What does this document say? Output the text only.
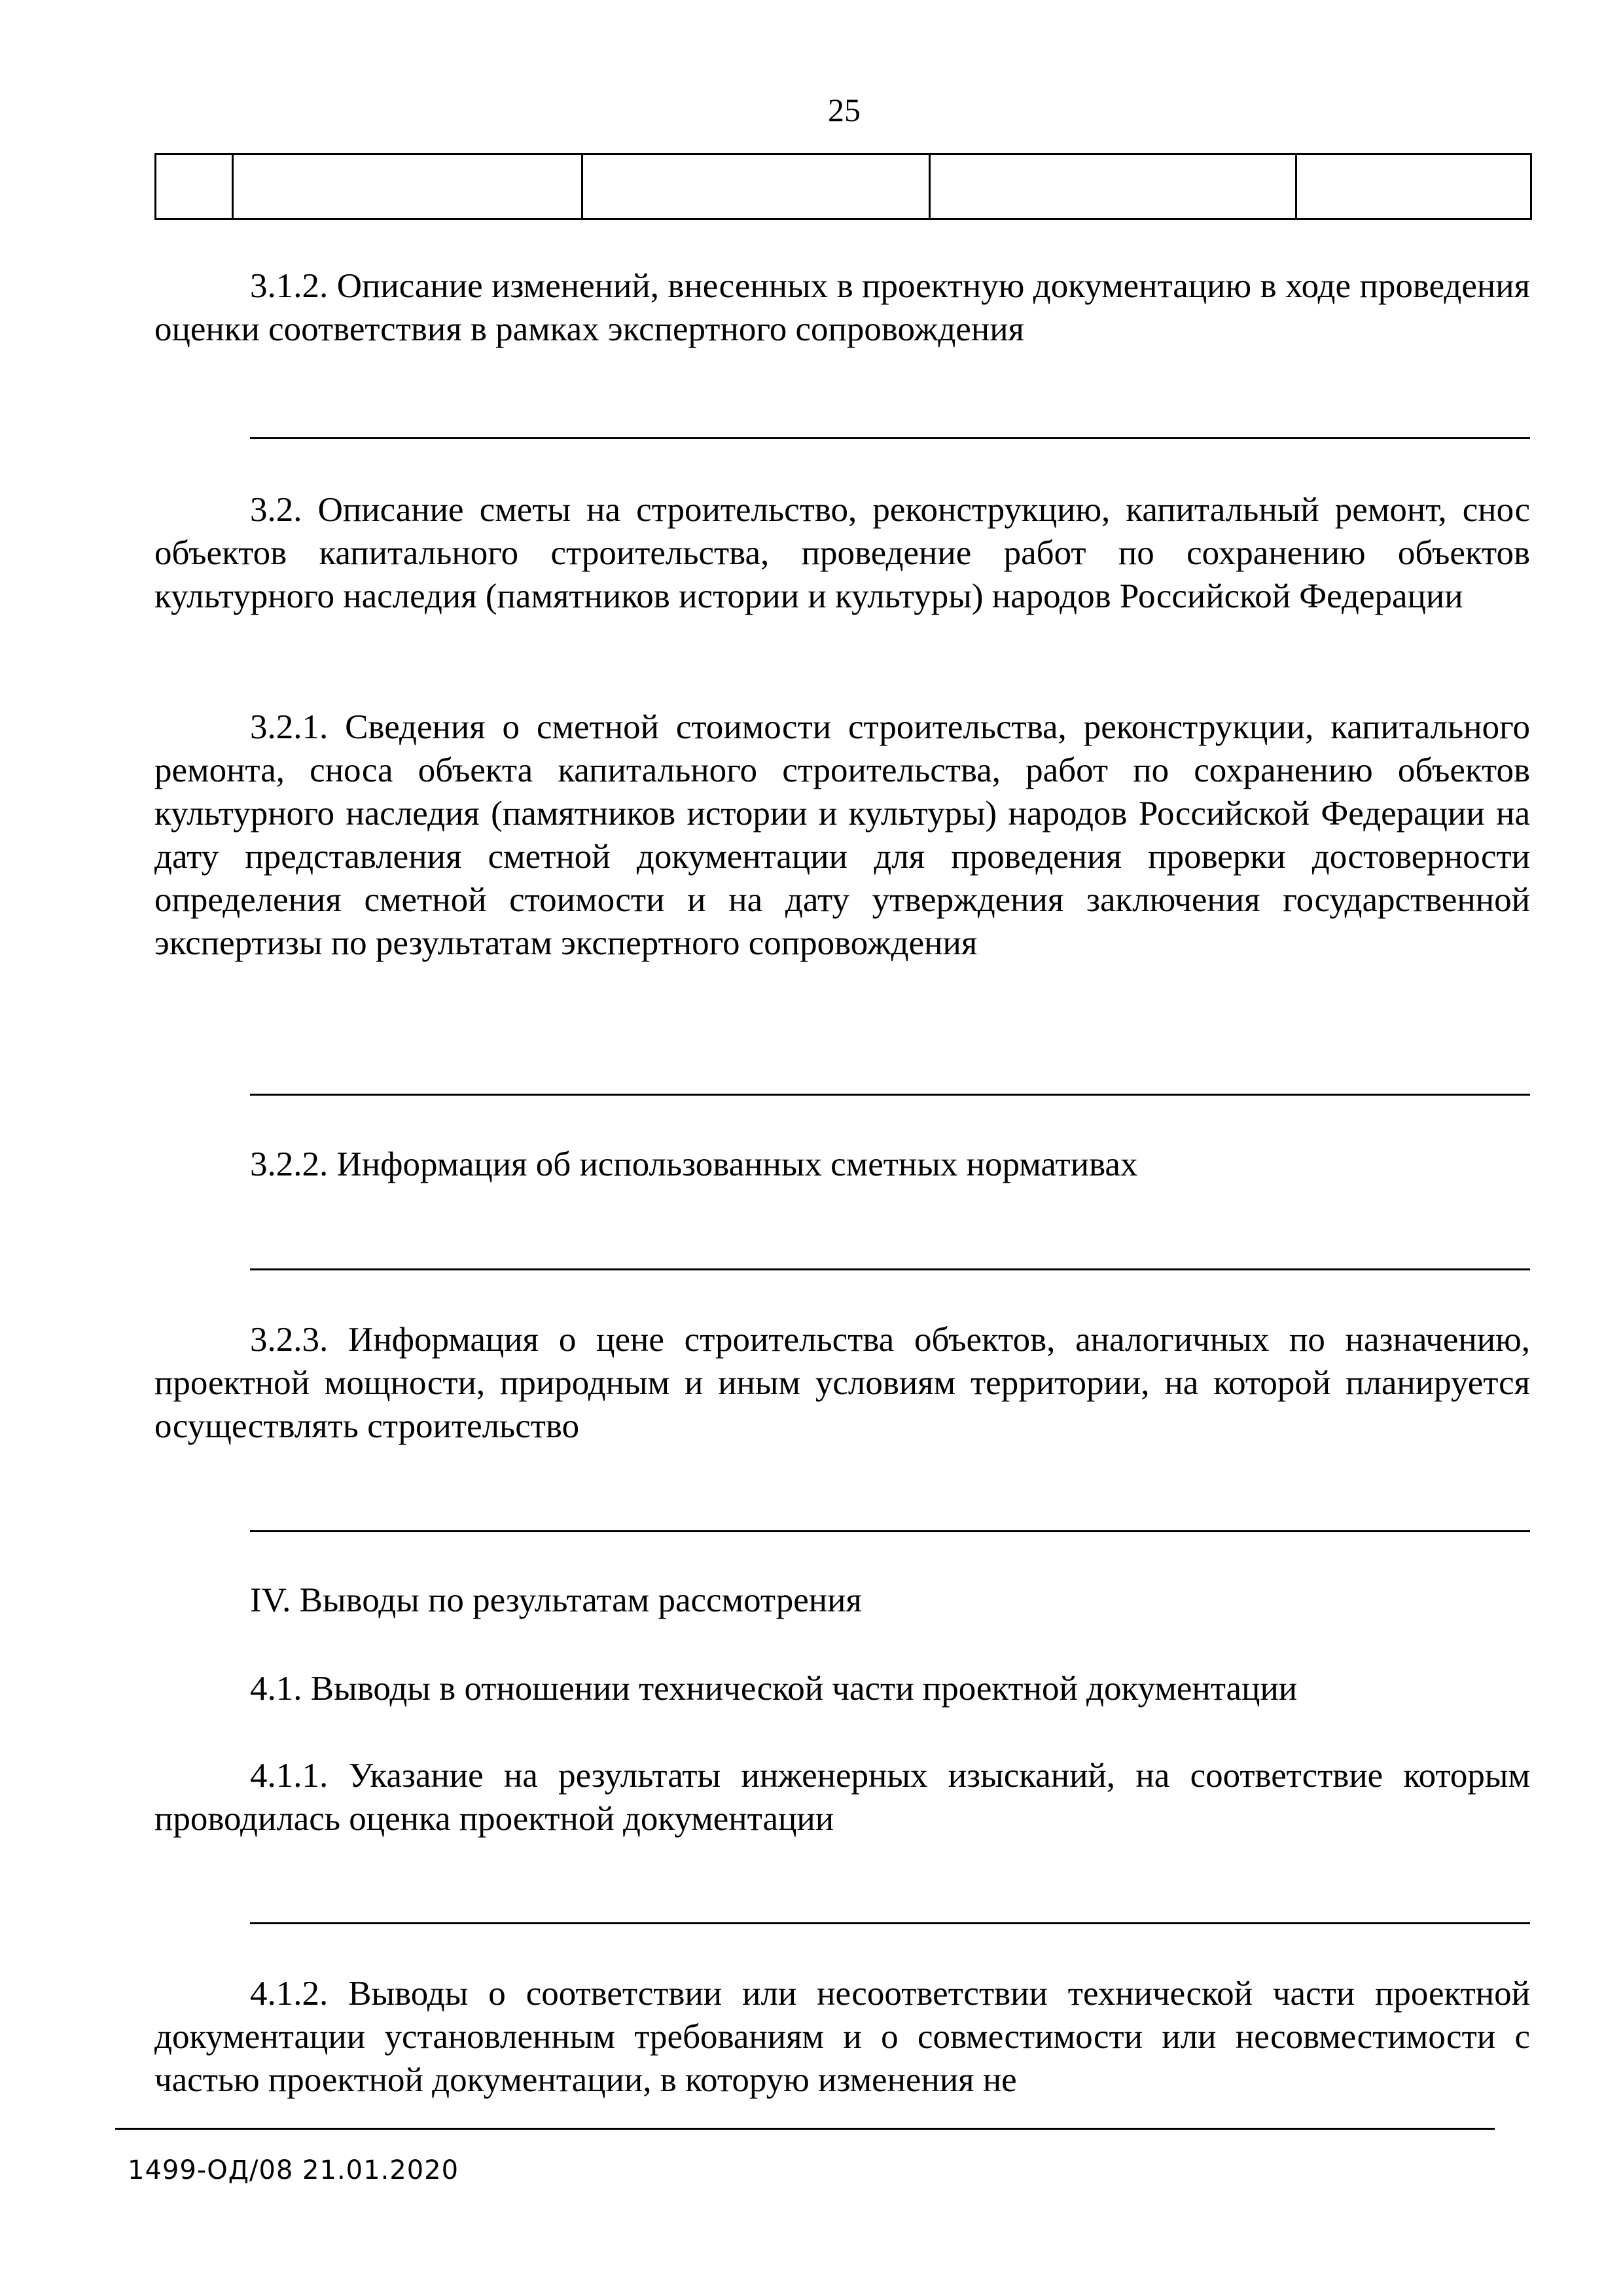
25

3.1.2. Описание изменений, внесенных в проектную документацию в ходе проведения оценки соответствия в рамках экспертного сопровождения

3.2. Описание сметы на строительство, реконструкцию, капитальный ремонт, снос объектов капитального строительства, проведение работ по сохранению объектов культурного наследия (памятников истории и культуры) народов Российской Федерации

3.2.1. Сведения о сметной стоимости строительства, реконструкции, капитального ремонта, сноса объекта капитального строительства, работ по сохранению объектов культурного наследия (памятников истории и культуры) народов Российской Федерации на дату представления сметной документации для проведения проверки достоверности определения сметной стоимости и на дату утверждения заключения государственной экспертизы по результатам экспертного сопровождения

3.2.2. Информация об использованных сметных нормативах

3.2.3. Информация о цене строительства объектов, аналогичных по назначению, проектной мощности, природным и иным условиям территории, на которой планируется осуществлять строительство

IV. Выводы по результатам рассмотрения

4.1. Выводы в отношении технической части проектной документации

4.1.1. Указание на результаты инженерных изысканий, на соответствие которым проводилась оценка проектной документации

4.1.2. Выводы о соответствии или несоответствии технической части проектной документации установленным требованиям и о совместимости или несовместимости с частью проектной документации, в которую изменения не

1499-ОД/08 21.01.2020
